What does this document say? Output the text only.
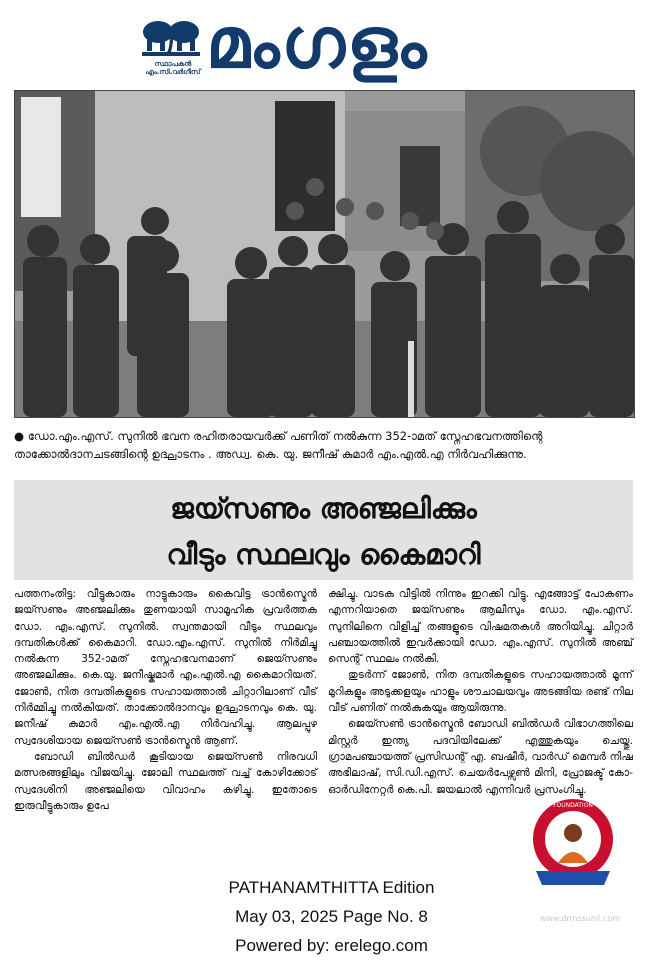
സ്ഥാപകൻ എം.സി.വർഗീസ് മംഗളം

● ഡോ.എം.എസ്. സുനിൽ ഭവന രഹിതരായവർക്ക് പണിത് നൽകുന്ന 352-ാമത് സ്നേഹഭവനത്തിന്റെ

താക്കോൽദാനചടങ്ങിന്റെ ഉദ്ഘാടനം . അഡ്വ. കെ. യു. ജനീഷ് കുമാർ എം.എൽ.എ നിർവഹിക്കുന്നു.

ജയ്സണും അഞ്ജലിക്കും
വീടും സ്ഥലവും കൈമാറി

പത്തനംതിട്ട: വീട്ടുകാരും നാട്ടുകാരും കൈവിട്ട ട്രാൻസ്മെൻ ജയ്സണും അഞ്ജലിക്കും തുണയായി സാമൂഹിക പ്രവർത്തക ഡോ. എം.എസ്. സുനിൽ. സ്വന്തമായി വീടും സ്ഥലവും ദമ്പതികൾക്ക് കൈമാറി. ഡോ.എം.എസ്. സുനിൽ നിർമിച്ചു നൽകുന്ന 352-ാമത് സ്നേഹഭവനമാണ് ജെയ്സണും അഞ്ജലിക്കും. കെ.യു. ജനീഷ്കുമാർ എം.എൽ.എ കൈമാറിയത്. ജോൺ, നിത ദമ്പതികളുടെ സഹായത്താൽ ചിറ്റാറിലാണ് വീട് നിർമ്മിച്ചു നൽകിയത്. താക്കോൽദാനവും ഉദ്ഘാടനവും കെ. യു. ജനീഷ് കുമാർ എം.എൽ.എ നിർവഹിച്ചു. ആലപ്പുഴ സ്വദേശിയായ ജെയ്സൺ ട്രാൻസ്മെൻ ആണ്.

ബോഡി ബിൽഡർ കൂടിയായ ജെയ്സൺ നിരവധി മത്സരങ്ങളിലും വിജയിച്ചു. ജോലി സ്ഥലത്ത് വച്ച് കോഴിക്കോട് സ്വദേശിനി അഞ്ജലിയെ വിവാഹം കഴിച്ചു. ഇതോടെ ഇരുവീട്ടുകാരും ഉപേ

ക്ഷിച്ചു. വാടക വീട്ടിൽ നിന്നും ഇറക്കി വിട്ടു. എങ്ങോട്ട് പോകണം എന്നറിയാതെ ജയ്സണും ആലീസും ഡോ. എം.എസ്. സുനിലിനെ വിളിച്ച് തങ്ങളുടെ വിഷമതകൾ അറിയിച്ചു. ചിറ്റാർ പഞ്ചായത്തിൽ ഇവർക്കായി ഡോ. എം.എസ്. സുനിൽ അഞ്ച് സെന്റ് സ്ഥലം നൽകി.

തുടർന്ന് ജോൺ, നിത ദമ്പതികളുടെ സഹായത്താൽ മൂന്ന് മുറികളും അടുക്കളയും ഹാളും ശൗചാലയവും അടങ്ങിയ രണ്ട് നില വീട് പണിത് നൽകുകയും ആയിരുന്നു.

ജെയ്സൺ ട്രാൻസ്മെൻ ബോഡി ബിൽഡർ വിഭാഗത്തിലെ മിസ്റ്റർ ഇന്ത്യ പദവിയിലേക്ക് എത്തുകയും ചെയ്തു. ഗ്രാമപഞ്ചായത്ത് പ്രസിഡന്റ് എ. ബഷീർ, വാർഡ് മെമ്പർ നിഷ അഭിലാഷ്, സി.ഡി.എസ്. ചെയർപേഴ്സൺ മിനി, പ്രോജക്ട് കോ-ഓർഡിനേറ്റർ കെ.പി. ജയലാൽ എന്നിവർ പ്രസംഗിച്ചു.

FOUNDATION
PATHANAMTHITTA Edition
May 03, 2025 Page No. 8
Powered by: erelego.com
www.drmssunil.com
